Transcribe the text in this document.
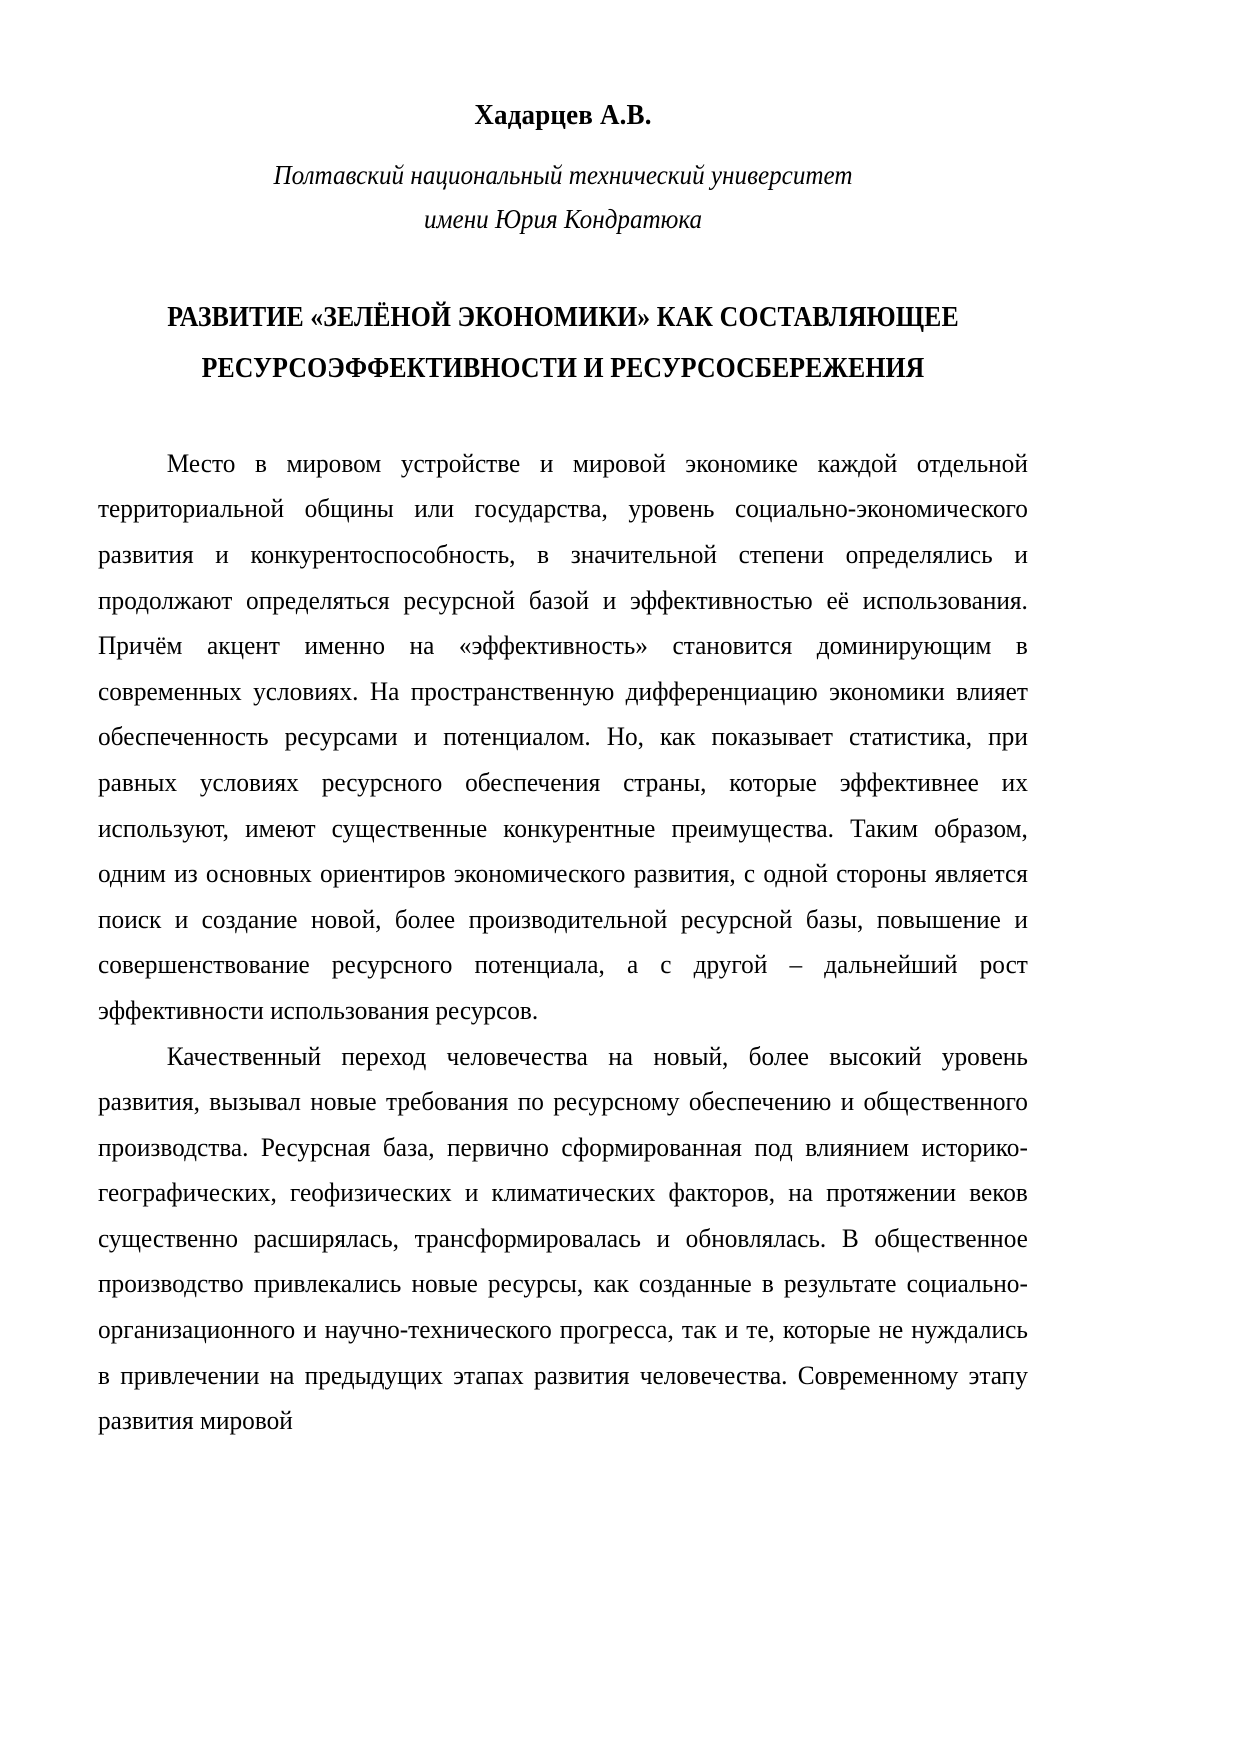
Хадарцев А.В.
Полтавский национальный технический университет
имени Юрия Кондратюка
РАЗВИТИЕ «ЗЕЛЁНОЙ ЭКОНОМИКИ» КАК СОСТАВЛЯЮЩЕЕ
РЕСУРСОЭФФЕКТИВНОСТИ И РЕСУРСОСБЕРЕЖЕНИЯ

Место в мировом устройстве и мировой экономике каждой отдельной территориальной общины или государства, уровень социально-экономического развития и конкурентоспособность, в значительной степени определялись и продолжают определяться ресурсной базой и эффективностью её использования. Причём акцент именно на «эффективность» становится доминирующим в современных условиях. На пространственную дифференциацию экономики влияет обеспеченность ресурсами и потенциалом. Но, как показывает статистика, при равных условиях ресурсного обеспечения страны, которые эффективнее их используют, имеют существенные конкурентные преимущества. Таким образом, одним из основных ориентиров экономического развития, с одной стороны является поиск и создание новой, более производительной ресурсной базы, повышение и совершенствование ресурсного потенциала, а с другой – дальнейший рост эффективности использования ресурсов.

Качественный переход человечества на новый, более высокий уровень развития, вызывал новые требования по ресурсному обеспечению и общественного производства. Ресурсная база, первично сформированная под влиянием историко-географических, геофизических и климатических факторов, на протяжении веков существенно расширялась, трансформировалась и обновлялась. В общественное производство привлекались новые ресурсы, как созданные в результате социально-организационного и научно-технического прогресса, так и те, которые не нуждались в привлечении на предыдущих этапах развития человечества. Современному этапу развития мировой
